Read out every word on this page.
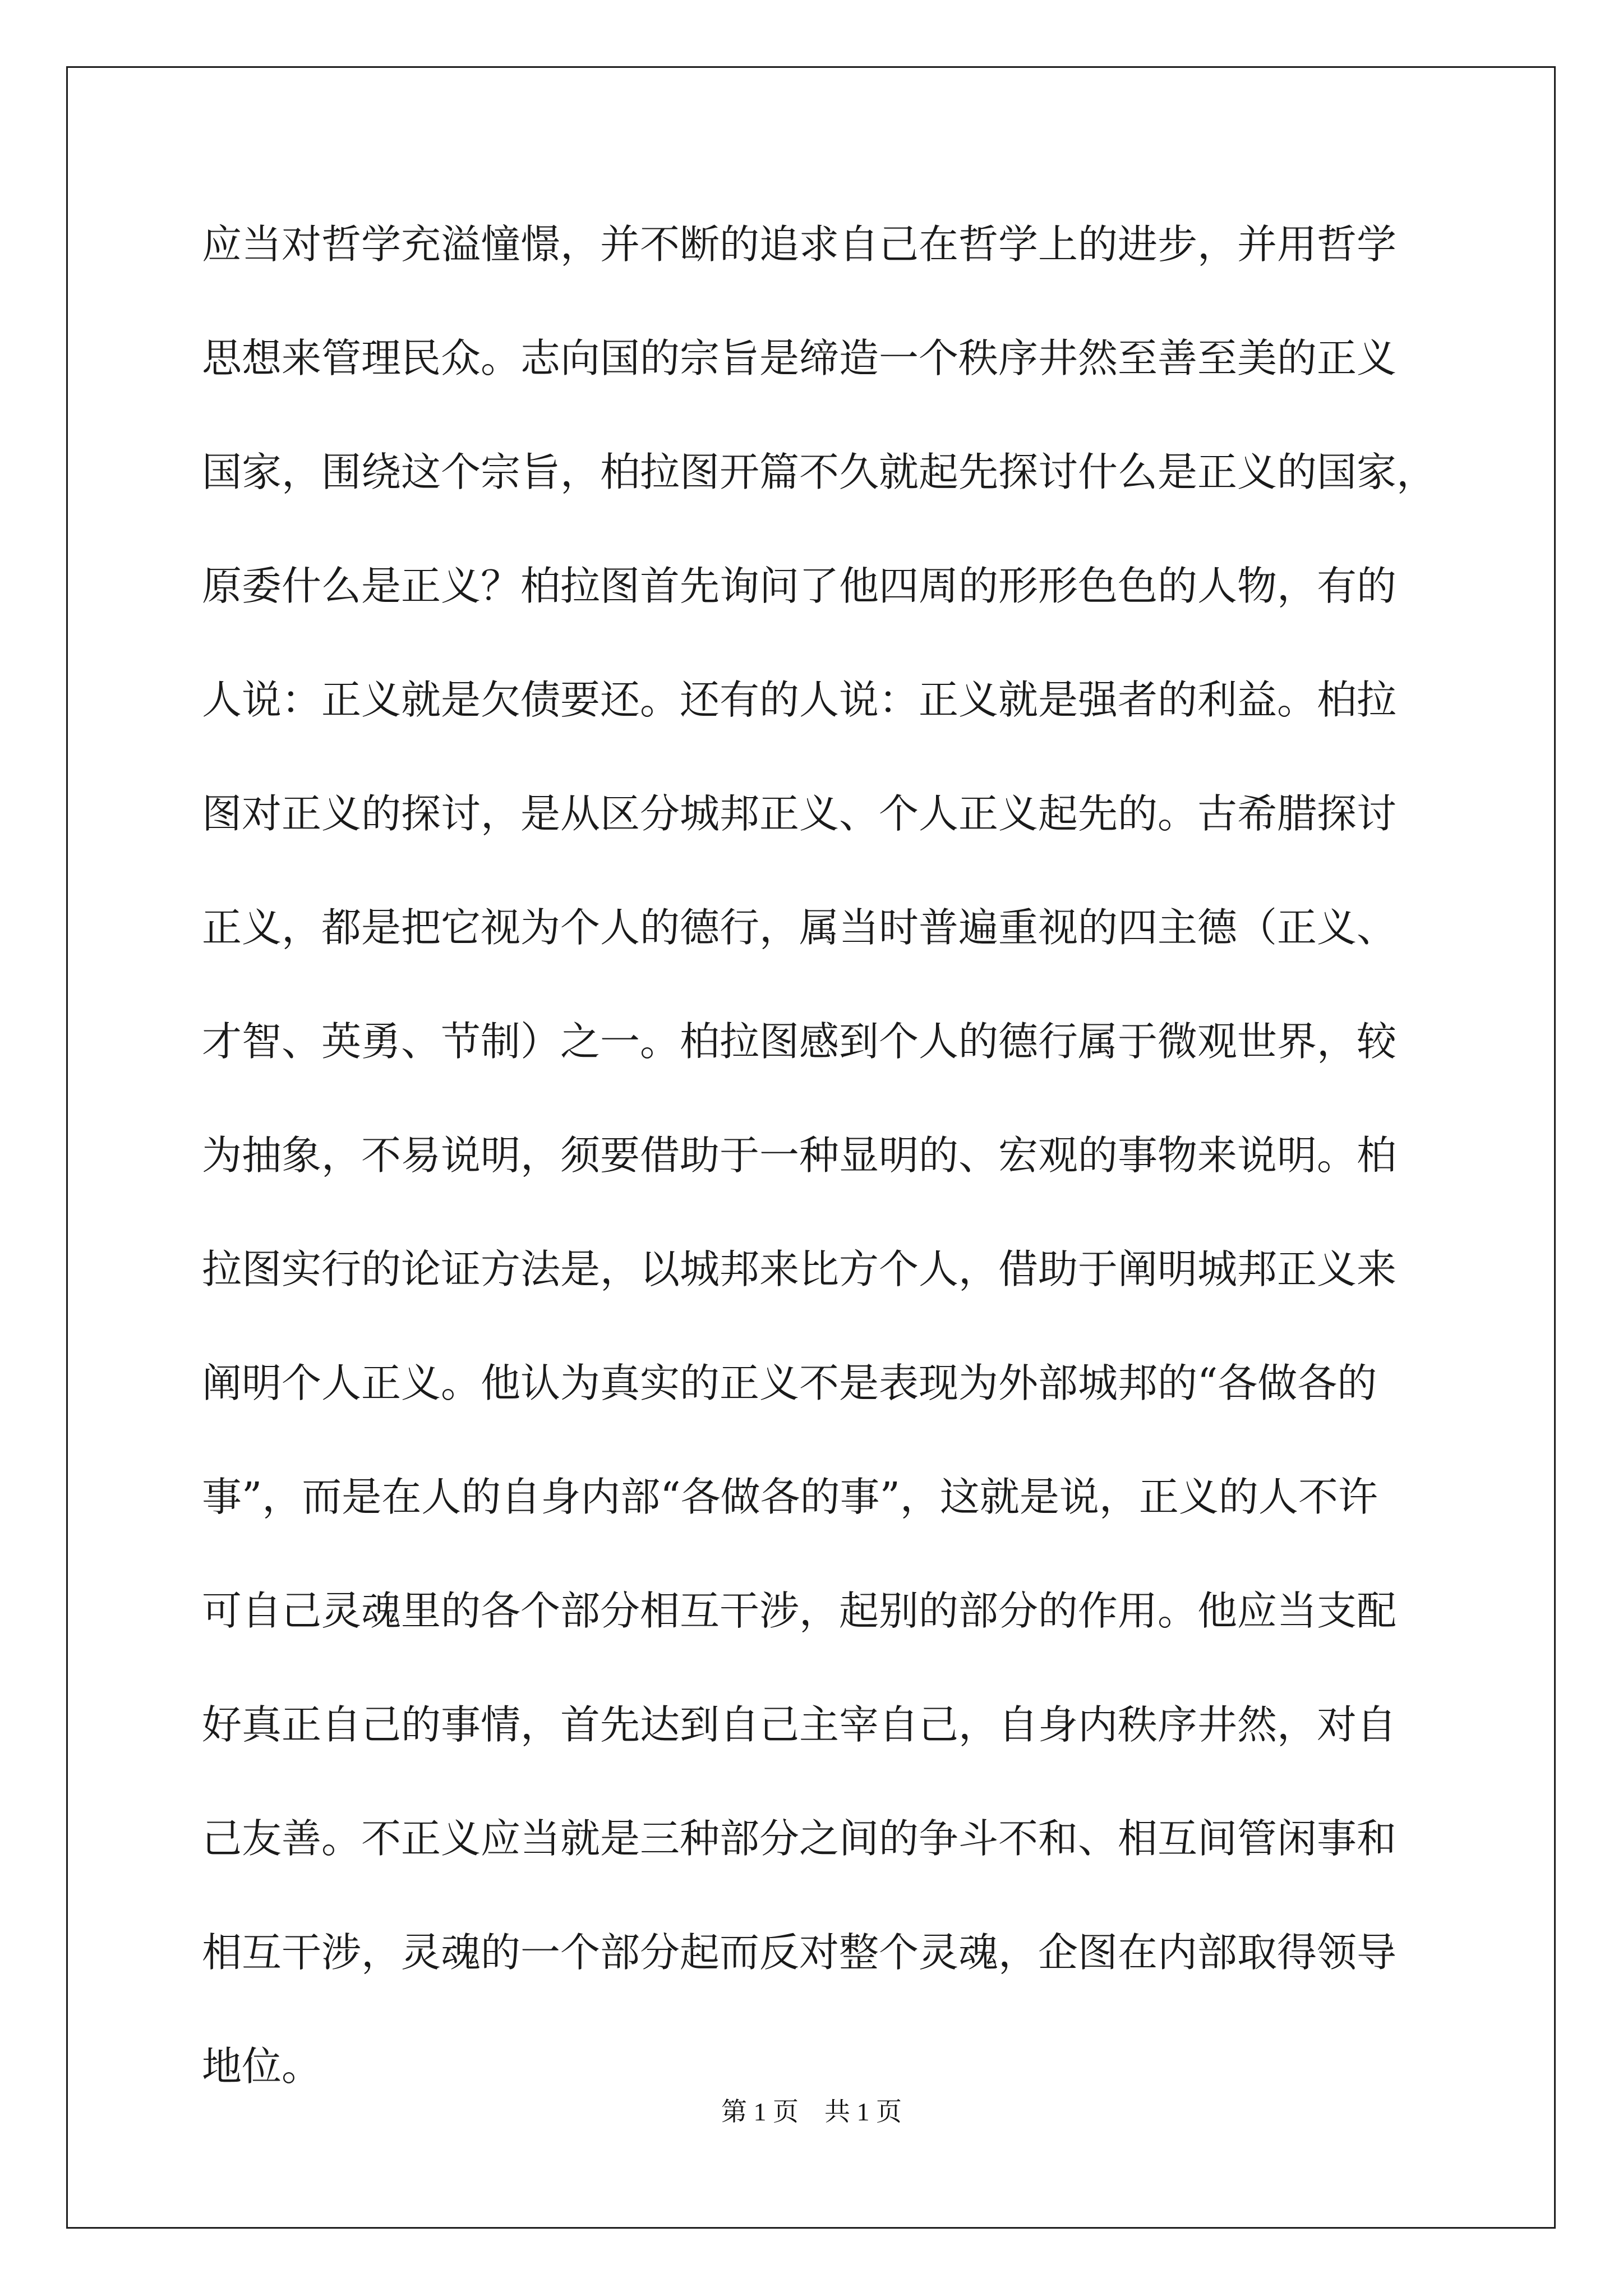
应当对哲学充溢憧憬，并不断的追求自己在哲学上的进步，并用哲学
思想来管理民众。志向国的宗旨是缔造一个秩序井然至善至美的正义
国家，围绕这个宗旨，柏拉图开篇不久就起先探讨什么是正义的国家，
原委什么是正义？柏拉图首先询问了他四周的形形色色的人物，有的
人说：正义就是欠债要还。还有的人说：正义就是强者的利益。柏拉
图对正义的探讨，是从区分城邦正义、个人正义起先的。古希腊探讨
正义，都是把它视为个人的德行，属当时普遍重视的四主德（正义、
才智、英勇、节制）之一。柏拉图感到个人的德行属于微观世界，较
为抽象，不易说明，须要借助于一种显明的、宏观的事物来说明。柏
拉图实行的论证方法是，以城邦来比方个人，借助于阐明城邦正义来
阐明个人正义。他认为真实的正义不是表现为外部城邦的“各做各的
事”，而是在人的自身内部“各做各的事”，这就是说，正义的人不许
可自己灵魂里的各个部分相互干涉，起别的部分的作用。他应当支配
好真正自己的事情，首先达到自己主宰自己，自身内秩序井然，对自
己友善。不正义应当就是三种部分之间的争斗不和、相互间管闲事和
相互干涉，灵魂的一个部分起而反对整个灵魂，企图在内部取得领导
地位。
第 1 页　共 1 页
